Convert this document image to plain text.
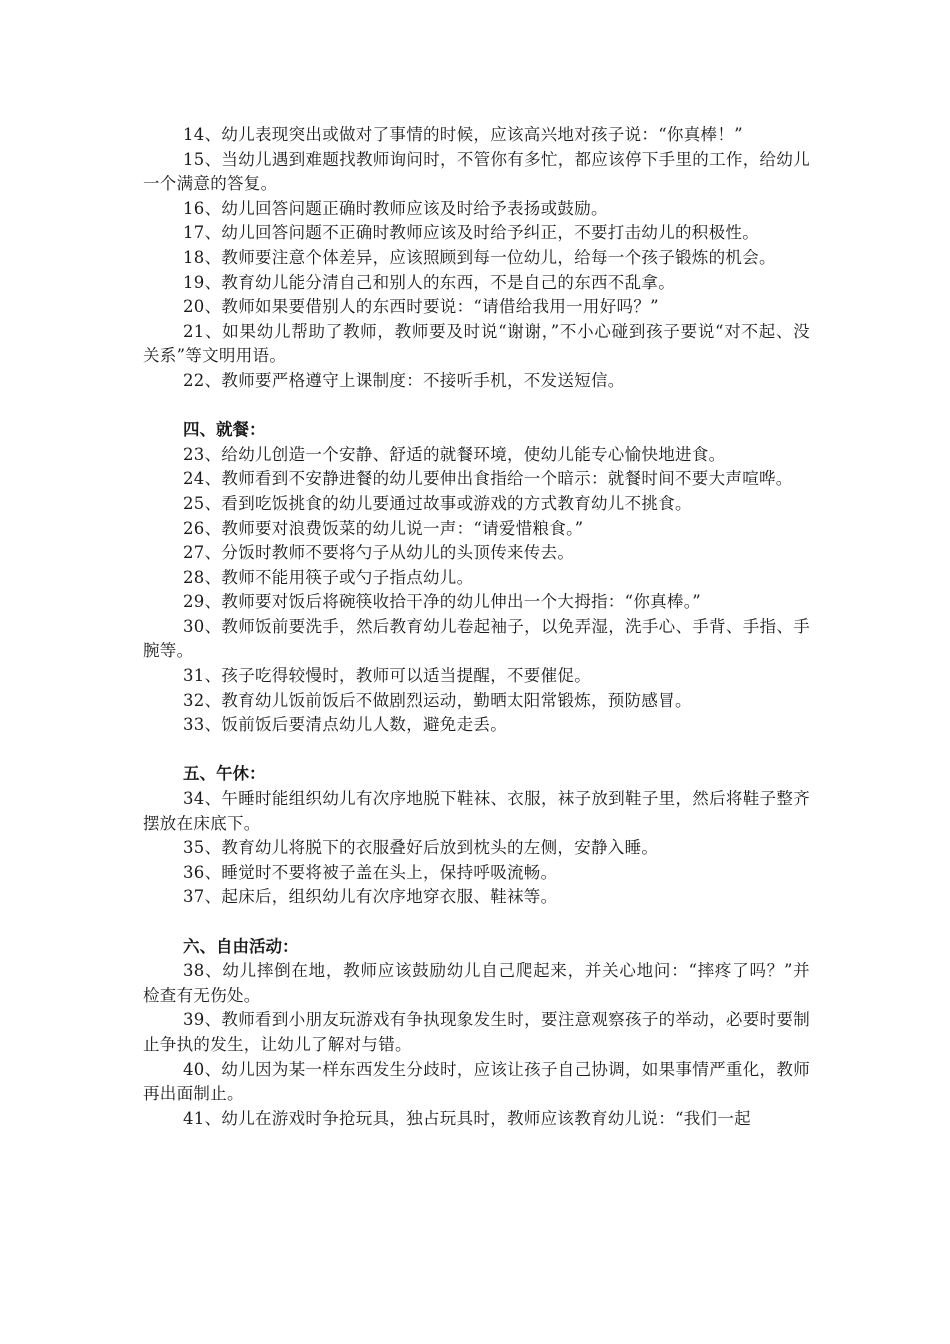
14、幼儿表现突出或做对了事情的时候，应该高兴地对孩子说：“你真棒！”

15、当幼儿遇到难题找教师询问时，不管你有多忙，都应该停下手里的工作，给幼儿一个满意的答复。

16、幼儿回答问题正确时教师应该及时给予表扬或鼓励。

17、幼儿回答问题不正确时教师应该及时给予纠正，不要打击幼儿的积极性。

18、教师要注意个体差异，应该照顾到每一位幼儿，给每一个孩子锻炼的机会。

19、教育幼儿能分清自己和别人的东西，不是自己的东西不乱拿。

20、教师如果要借别人的东西时要说：“请借给我用一用好吗？”

21、如果幼儿帮助了教师，教师要及时说“谢谢，”不小心碰到孩子要说“对不起、没关系”等文明用语。

22、教师要严格遵守上课制度：不接听手机，不发送短信。

四、就餐：

23、给幼儿创造一个安静、舒适的就餐环境，使幼儿能专心愉快地进食。

24、教师看到不安静进餐的幼儿要伸出食指给一个暗示：就餐时间不要大声喧哗。

25、看到吃饭挑食的幼儿要通过故事或游戏的方式教育幼儿不挑食。

26、教师要对浪费饭菜的幼儿说一声：“请爱惜粮食。”

27、分饭时教师不要将勺子从幼儿的头顶传来传去。

28、教师不能用筷子或勺子指点幼儿。

29、教师要对饭后将碗筷收拾干净的幼儿伸出一个大拇指：“你真棒。”

30、教师饭前要洗手，然后教育幼儿卷起袖子，以免弄湿，洗手心、手背、手指、手腕等。

31、孩子吃得较慢时，教师可以适当提醒，不要催促。

32、教育幼儿饭前饭后不做剧烈运动，勤晒太阳常锻炼，预防感冒。

33、饭前饭后要清点幼儿人数，避免走丢。

五、午休：

34、午睡时能组织幼儿有次序地脱下鞋袜、衣服，袜子放到鞋子里，然后将鞋子整齐摆放在床底下。

35、教育幼儿将脱下的衣服叠好后放到枕头的左侧，安静入睡。

36、睡觉时不要将被子盖在头上，保持呼吸流畅。

37、起床后，组织幼儿有次序地穿衣服、鞋袜等。

六、自由活动：

38、幼儿摔倒在地，教师应该鼓励幼儿自己爬起来，并关心地问：“摔疼了吗？”并检查有无伤处。

39、教师看到小朋友玩游戏有争执现象发生时，要注意观察孩子的举动，必要时要制止争执的发生，让幼儿了解对与错。

40、幼儿因为某一样东西发生分歧时，应该让孩子自己协调，如果事情严重化，教师再出面制止。

41、幼儿在游戏时争抢玩具，独占玩具时，教师应该教育幼儿说：“我们一起
